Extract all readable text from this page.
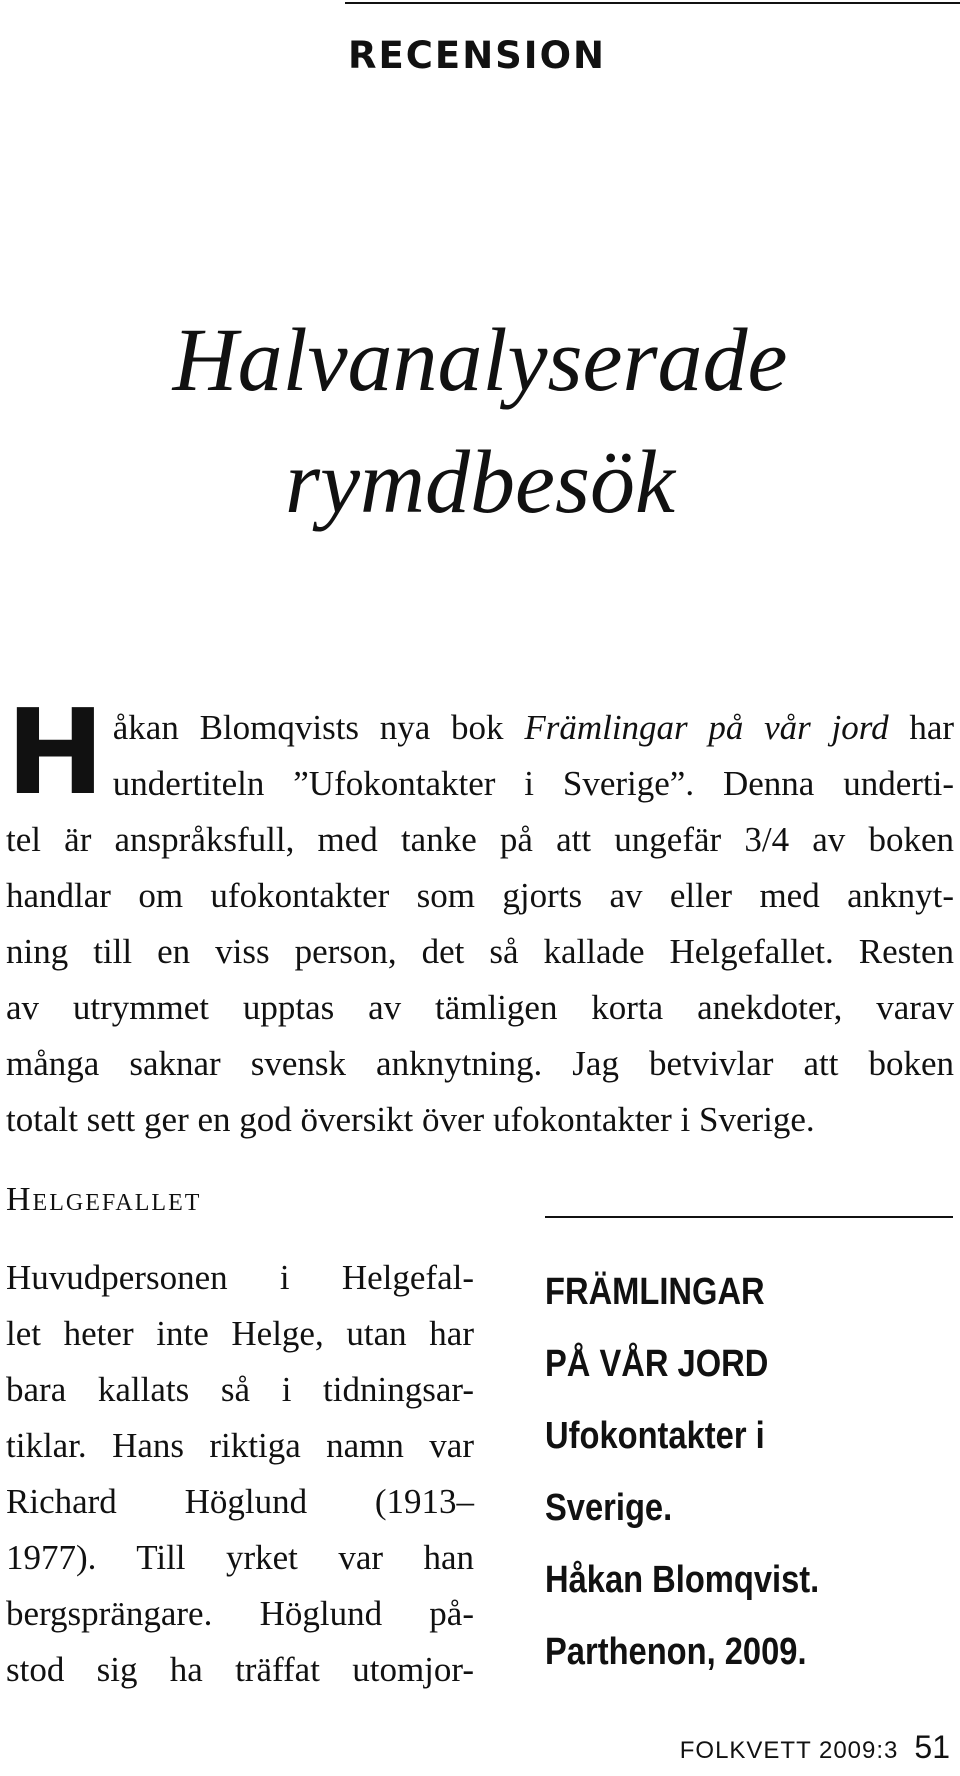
RECENSION
Halvanalyserade
rymdbesök

H åkan Blomqvists nya bok Främlingar på vår jord har
undertiteln ”Ufokontakter i Sverige”. Denna underti-
tel är anspråksfull, med tanke på att ungefär 3/4 av boken
handlar om ufokontakter som gjorts av eller med anknyt-
ning till en viss person, det så kallade Helgefallet. Resten
av utrymmet upptas av tämligen korta anekdoter, varav
många saknar svensk anknytning. Jag betvivlar att boken
totalt sett ger en god översikt över ufokontakter i Sverige.

Helgefallet
Huvudpersonen i Helgefal-
let heter inte Helge, utan har
bara kallats så i tidningsar-
tiklar. Hans riktiga namn var
Richard Höglund (1913–
1977). Till yrket var han
bergsprängare. Höglund på-
stod sig ha träffat utomjor-
FRÄMLINGAR
PÅ VÅR JORD
Ufokontakter i
Sverige.
Håkan Blomqvist.
Parthenon, 2009.
FOLKVETT 2009:3 51
